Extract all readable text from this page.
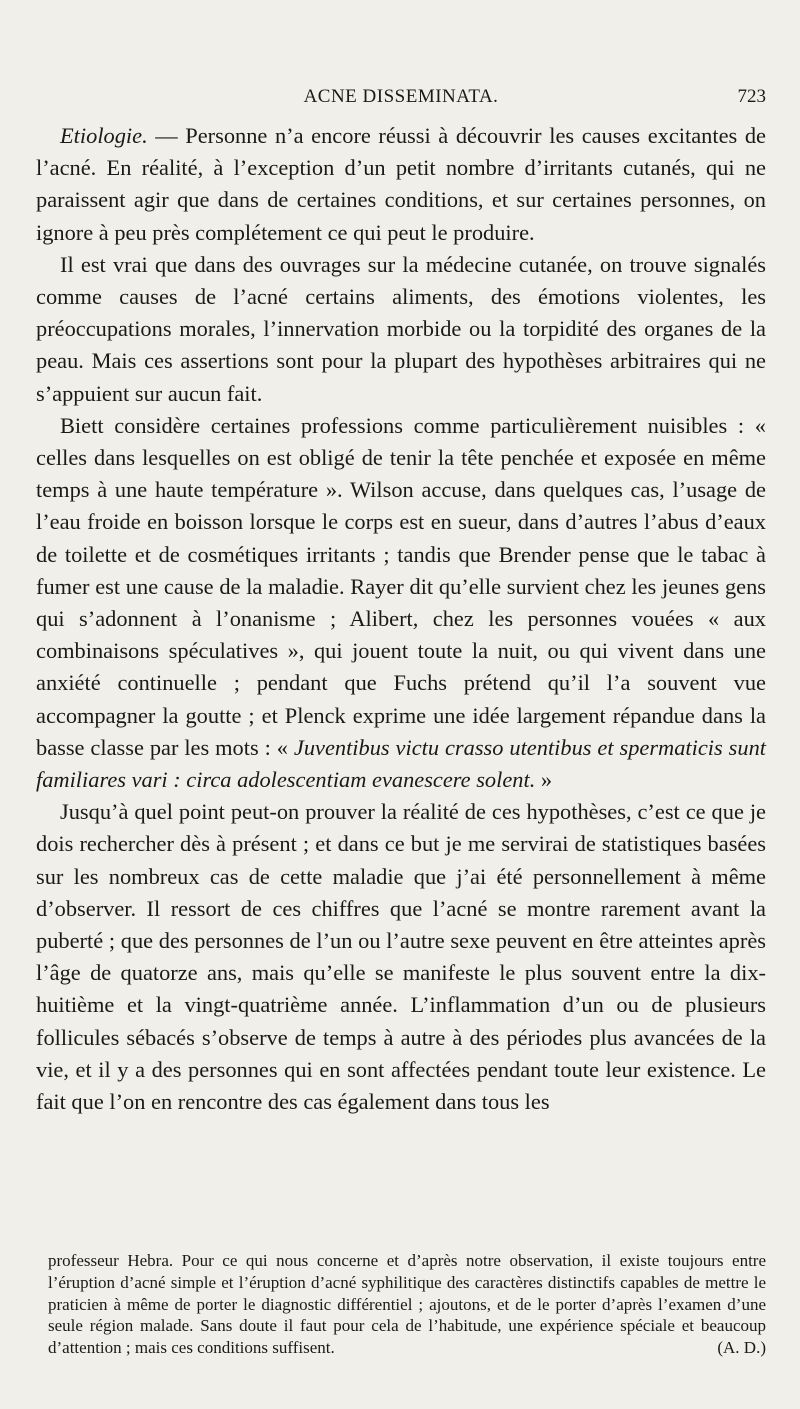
ACNE DISSEMINATA.	723

Etiologie. — Personne n’a encore réussi à découvrir les causes excitantes de l’acné. En réalité, à l’exception d’un petit nombre d’irritants cutanés, qui ne paraissent agir que dans de certaines conditions, et sur certaines personnes, on ignore à peu près complétement ce qui peut le produire.

Il est vrai que dans des ouvrages sur la médecine cutanée, on trouve signalés comme causes de l’acné certains aliments, des émotions violentes, les préoccupations morales, l’innervation morbide ou la torpidité des organes de la peau. Mais ces assertions sont pour la plupart des hypothèses arbitraires qui ne s’appuient sur aucun fait.

Biett considère certaines professions comme particulièrement nuisibles : « celles dans lesquelles on est obligé de tenir la tête penchée et exposée en même temps à une haute température ». Wilson accuse, dans quelques cas, l’usage de l’eau froide en boisson lorsque le corps est en sueur, dans d’autres l’abus d’eaux de toilette et de cosmétiques irritants ; tandis que Brender pense que le tabac à fumer est une cause de la maladie. Rayer dit qu’elle survient chez les jeunes gens qui s’adonnent à l’onanisme ; Alibert, chez les personnes vouées « aux combinaisons spéculatives », qui jouent toute la nuit, ou qui vivent dans une anxiété continuelle ; pendant que Fuchs prétend qu’il l’a souvent vue accompagner la goutte ; et Plenck exprime une idée largement répandue dans la basse classe par les mots : « Juventibus victu crasso utentibus et spermaticis sunt familiares vari : circa adolescentiam evanescere solent. »

Jusqu’à quel point peut-on prouver la réalité de ces hypothèses, c’est ce que je dois rechercher dès à présent ; et dans ce but je me servirai de statistiques basées sur les nombreux cas de cette maladie que j’ai été personnellement à même d’observer. Il ressort de ces chiffres que l’acné se montre rarement avant la puberté ; que des personnes de l’un ou l’autre sexe peuvent en être atteintes après l’âge de quatorze ans, mais qu’elle se manifeste le plus souvent entre la dix-huitième et la vingt-quatrième année. L’inflammation d’un ou de plusieurs follicules sébacés s’observe de temps à autre à des périodes plus avancées de la vie, et il y a des personnes qui en sont affectées pendant toute leur existence. Le fait que l’on en rencontre des cas également dans tous les

professeur Hebra. Pour ce qui nous concerne et d’après notre observation, il existe toujours entre l’éruption d’acné simple et l’éruption d’acné syphilitique des caractères distinctifs capables de mettre le praticien à même de porter le diagnostic différentiel ; ajoutons, et de le porter d’après l’examen d’une seule région malade. Sans doute il faut pour cela de l’habitude, une expérience spéciale et beaucoup d’attention ; mais ces conditions suffisent.	(A. D.)
